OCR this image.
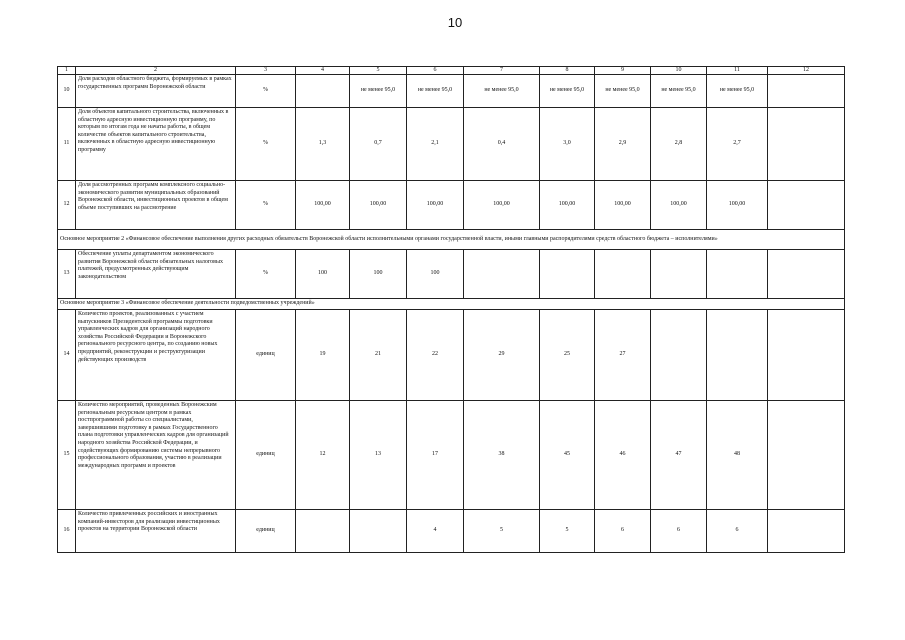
10
1	2	3	4	5	6	7	8	9	10	11	12
10	Доля расходов областного бюджета, формируемых в рамках государственных программ Воронежской области	%		не менее 95,0	не менее 95,0	не менее 95,0	не менее 95,0	не менее 95,0	не менее 95,0	не менее 95,0	
11	Доля объектов капитального строительства, включенных в областную адресную инвестиционную программу, по которым по итогам года не начаты работы, в общем количестве объектов капитального строительства, включенных в областную адресную инвестиционную программу	%	1,3	0,7	2,1	0,4	3,0	2,9	2,8	2,7	
12	Доля рассмотренных программ комплексного социально-экономического развития муниципальных образований Воронежской области, инвестиционных проектов в общем объеме поступивших на рассмотрение	%	100,00	100,00	100,00	100,00	100,00	100,00	100,00	100,00	
Основное мероприятие 2 «Финансовое обеспечение выполнения других расходных обязательств Воронежской области исполнительными органами государственной власти, иными главными распорядителями средств областного бюджета – исполнителями»											
13	Обеспечение уплаты департаментом экономического развития Воронежской области обязательных налоговых платежей, предусмотренных действующим законодательством	%	100	100	100						
Основное мероприятие 3 «Финансовое обеспечение деятельности подведомственных учреждений»											
14	Количество проектов, реализованных с участием выпускников Президентской программы подготовки управленческих кадров для организаций народного хозяйства Российской Федерации и Воронежского регионального ресурсного центра, по созданию новых предприятий, реконструкции и реструктуризации действующих производств	единиц	19	21	22	29	25	27			
15	Количество мероприятий, проведенных Воронежским региональным ресурсным центром в рамках постпрограммной работы со специалистами, завершившими подготовку в рамках Государственного плана подготовки управленческих кадров для организаций народного хозяйства Российской Федерации, и содействующих формированию системы непрерывного профессионального образования, участию в реализации международных программ и проектов	единиц	12	13	17	38	45	46	47	48	
16	Количество привлеченных российских и иностранных компаний-инвесторов для реализации инвестиционных проектов на территории Воронежской области	единиц			4	5	5	6	6	6	
